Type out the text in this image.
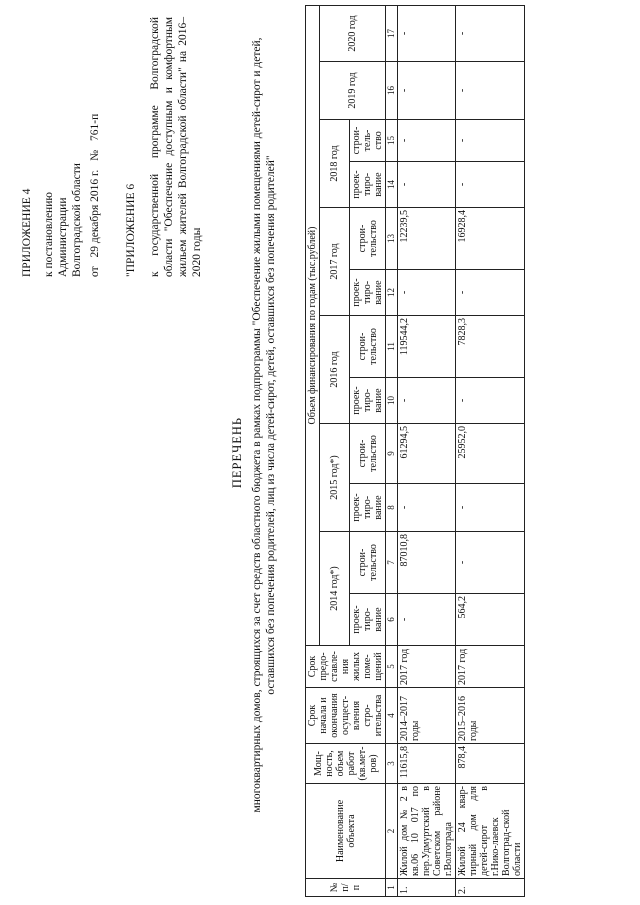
ПРИЛОЖЕНИЕ 4 к постановлению Администрации Волгоградской области от 29 декабря 2016 г. № 761-п
"ПРИЛОЖЕНИЕ 6 к государственной программе Волгоградской области "Обеспечение доступным и комфортным жильем жителей Волгоградской области" на 2016–2020 годы
ПЕРЕЧЕНЬ многоквартирных домов, строящихся за счет средств областного бюджета в рамках подпрограммы "Обеспечение жилыми помещениями детей-сирот и детей, оставшихся без попечения родителей, лиц из числа детей-сирот, детей, оставшихся без попечения родителей"
№ п/п	Наименование объекта	Мощ-ность, объем работ (кв.мет-ров)	Срок начала и окончания осущест-вления стро-ительства	Срок предо-ставле-ния жилых поме-щений	Объем финансирования по годам (тыс.рублей)											
					2014 год*)		2015 год*)		2016 год		2017 год		2018 год		2019 год	2020 год
					проек-тиро-вание	строи-тельство	проек-тиро-вание	строи-тельство	проек-тиро-вание	строи-тельство	проек-тиро-вание	строи-тельство	проек-тиро-вание	строи-тель-ство		
1	2	3	4	5	6	7	8	9	10	11	12	13	14	15	16	17
1.	Жилой дом № 2 в кв.06 10 017 по пер.Удмуртский в Советском районе г.Волгограда	11615,8	2014–2017 годы	2017 год	-	87010,8	-	61294,5	-	119544,2	-	12239,5	-	-	-	-
2.	Жилой 24 квар-тирный дом для детей-сирот в г.Нико-лаевск Волгоград-ской области	878,4	2015–2016 годы	2017 год	564,2	-	-	25952,0	-	7828,3	-	16928,4	-	-	-	-
